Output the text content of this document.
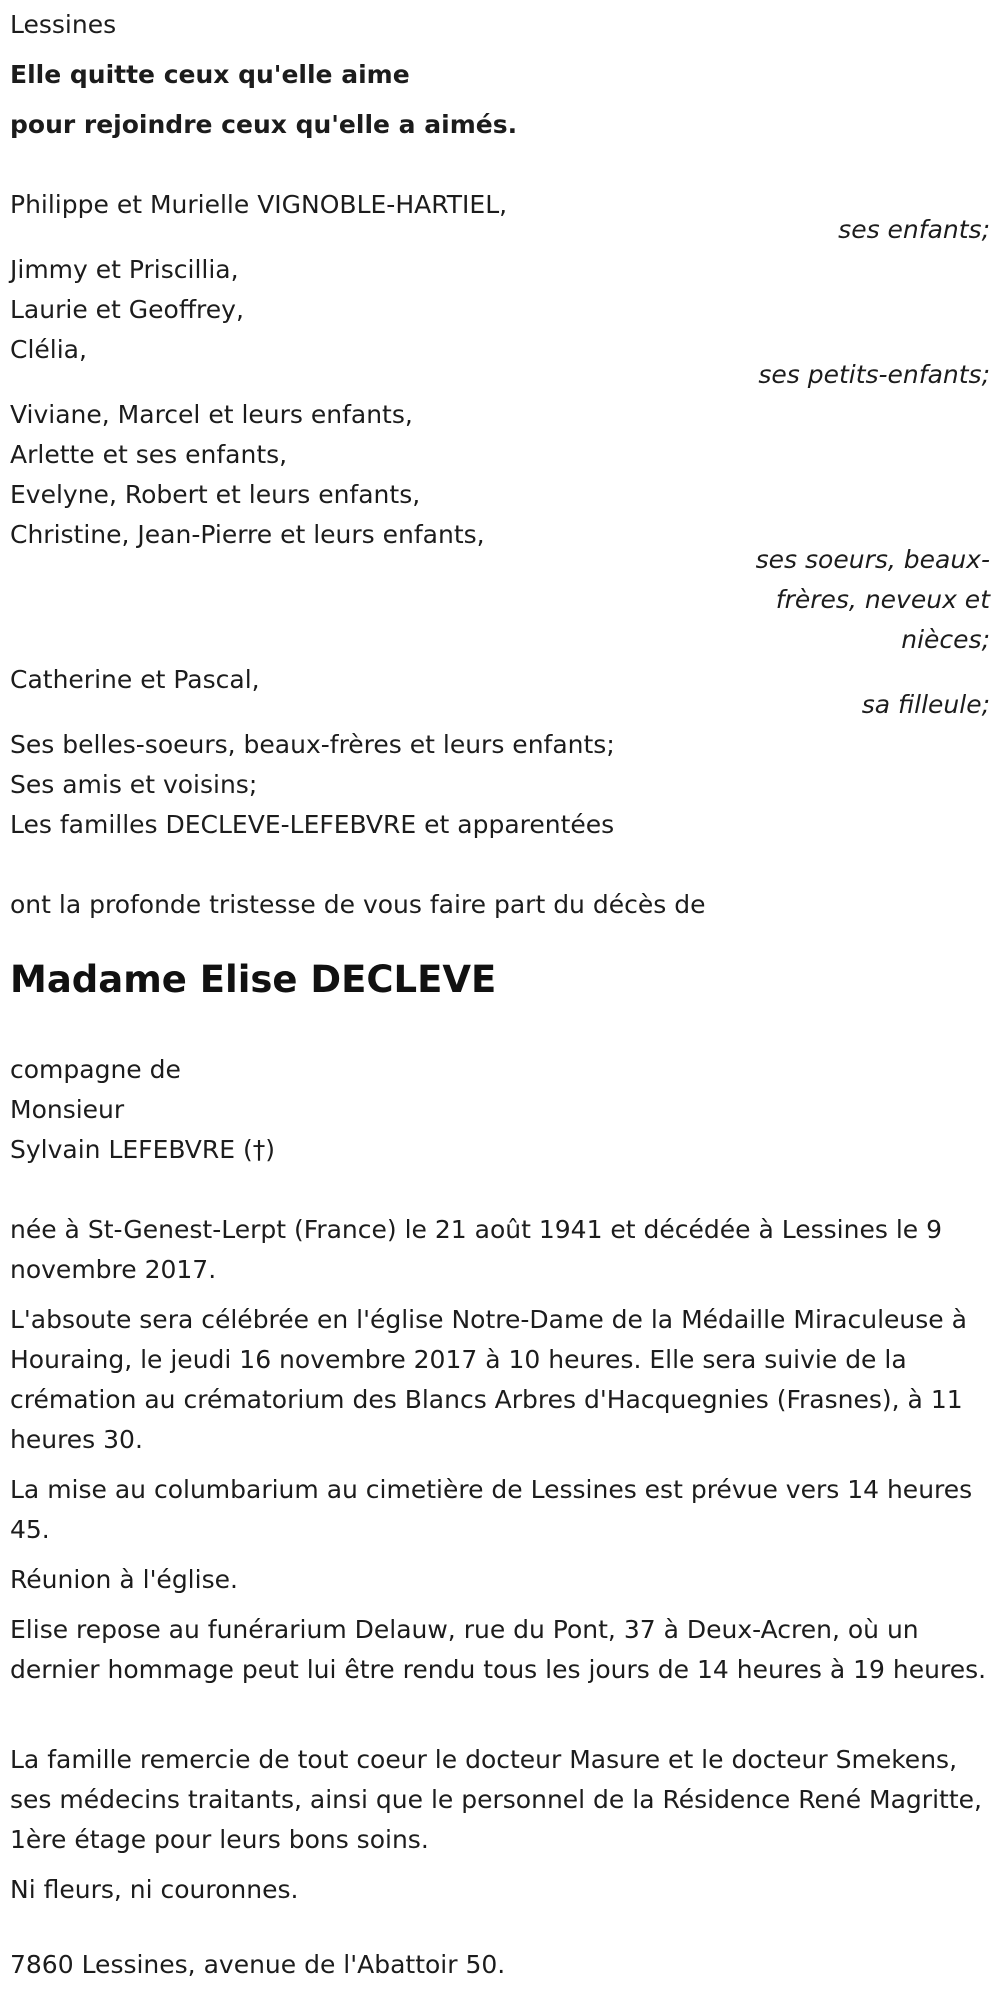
Lessines
Elle quitte ceux qu'elle aime
pour rejoindre ceux qu'elle a aimés.
Philippe et Murielle VIGNOBLE-HARTIEL,
ses enfants;
Jimmy et Priscillia,
Laurie et Geoffrey,
Clélia,
ses petits-enfants;
Viviane, Marcel et leurs enfants,
Arlette et ses enfants,
Evelyne, Robert et leurs enfants,
Christine, Jean-Pierre et leurs enfants,
ses soeurs, beaux-
frères, neveux et
nièces;
Catherine et Pascal,
sa filleule;
Ses belles-soeurs, beaux-frères et leurs enfants;
Ses amis et voisins;
Les familles DECLEVE-LEFEBVRE et apparentées
ont la profonde tristesse de vous faire part du décès de
Madame Elise DECLEVE
compagne de
Monsieur
Sylvain LEFEBVRE (†)
née à St-Genest-Lerpt (France) le 21 août 1941 et décédée à Lessines le 9 novembre 2017.
L'absoute sera célébrée en l'église Notre-Dame de la Médaille Miraculeuse à Houraing, le jeudi 16 novembre 2017 à 10 heures. Elle sera suivie de la crémation au crématorium des Blancs Arbres d'Hacquegnies (Frasnes), à 11 heures 30.
La mise au columbarium au cimetière de Lessines est prévue vers 14 heures 45.
Réunion à l'église.
Elise repose au funérarium Delauw, rue du Pont, 37 à Deux-Acren, où un dernier hommage peut lui être rendu tous les jours de 14 heures à 19 heures.
La famille remercie de tout coeur le docteur Masure et le docteur Smekens, ses médecins traitants, ainsi que le personnel de la Résidence René Magritte, 1ère étage pour leurs bons soins.
Ni fleurs, ni couronnes.
7860 Lessines, avenue de l'Abattoir 50.
